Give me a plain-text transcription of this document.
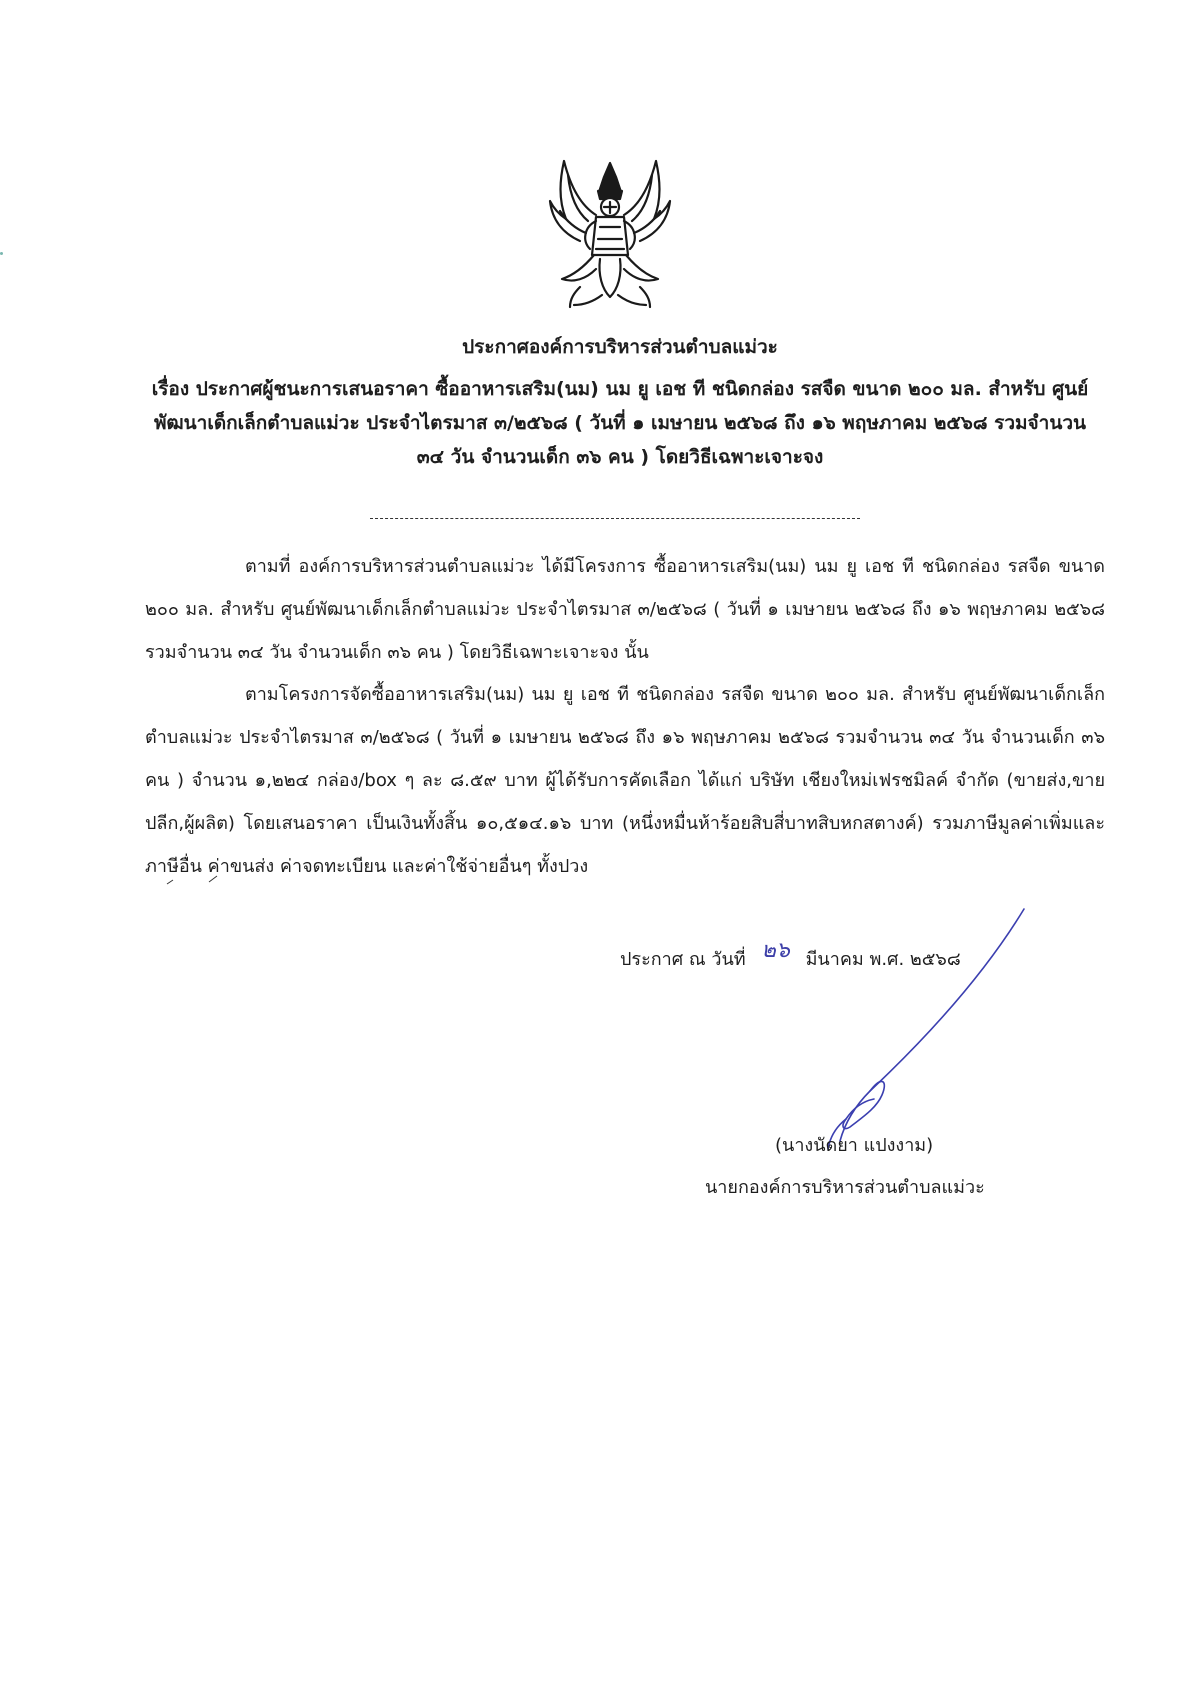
ประกาศองค์การบริหารส่วนตำบลแม่วะ
เรื่อง ประกาศผู้ชนะการเสนอราคา ซื้ออาหารเสริม(นม) นม ยู เอช ที ชนิดกล่อง รสจืด ขนาด ๒๐๐ มล. สำหรับ ศูนย์พัฒนาเด็กเล็กตำบลแม่วะ ประจำไตรมาส ๓/๒๕๖๘ ( วันที่ ๑ เมษายน ๒๕๖๘ ถึง ๑๖ พฤษภาคม ๒๕๖๘ รวมจำนวน ๓๔ วัน จำนวนเด็ก ๓๖ คน ) โดยวิธีเฉพาะเจาะจง

ตามที่ องค์การบริหารส่วนตำบลแม่วะ ได้มีโครงการ ซื้ออาหารเสริม(นม) นม ยู เอช ที ชนิดกล่อง รสจืด ขนาด ๒๐๐ มล. สำหรับ ศูนย์พัฒนาเด็กเล็กตำบลแม่วะ ประจำไตรมาส ๓/๒๕๖๘ ( วันที่ ๑ เมษายน ๒๕๖๘ ถึง ๑๖ พฤษภาคม ๒๕๖๘ รวมจำนวน ๓๔ วัน จำนวนเด็ก ๓๖ คน ) โดยวิธีเฉพาะเจาะจง นั้น

ตามโครงการจัดซื้ออาหารเสริม(นม) นม ยู เอช ที ชนิดกล่อง รสจืด ขนาด ๒๐๐ มล. สำหรับ ศูนย์พัฒนาเด็กเล็กตำบลแม่วะ ประจำไตรมาส ๓/๒๕๖๘ ( วันที่ ๑ เมษายน ๒๕๖๘ ถึง ๑๖ พฤษภาคม ๒๕๖๘ รวมจำนวน ๓๔ วัน จำนวนเด็ก ๓๖ คน ) จำนวน ๑,๒๒๔ กล่อง/box ๆ ละ ๘.๕๙ บาท ผู้ได้รับการคัดเลือก ได้แก่ บริษัท เชียงใหม่เฟรชมิลค์ จำกัด (ขายส่ง,ขายปลีก,ผู้ผลิต) โดยเสนอราคา เป็นเงินทั้งสิ้น ๑๐,๕๑๔.๑๖ บาท (หนึ่งหมื่นห้าร้อยสิบสี่บาทสิบหกสตางค์) รวมภาษีมูลค่าเพิ่มและภาษีอื่น ค่าขนส่ง ค่าจดทะเบียน และค่าใช้จ่ายอื่นๆ ทั้งปวง

ประกาศ ณ วันที่ ๒๖ มีนาคม พ.ศ. ๒๕๖๘
(นางนัดยา แปงงาม)
นายกองค์การบริหารส่วนตำบลแม่วะ
